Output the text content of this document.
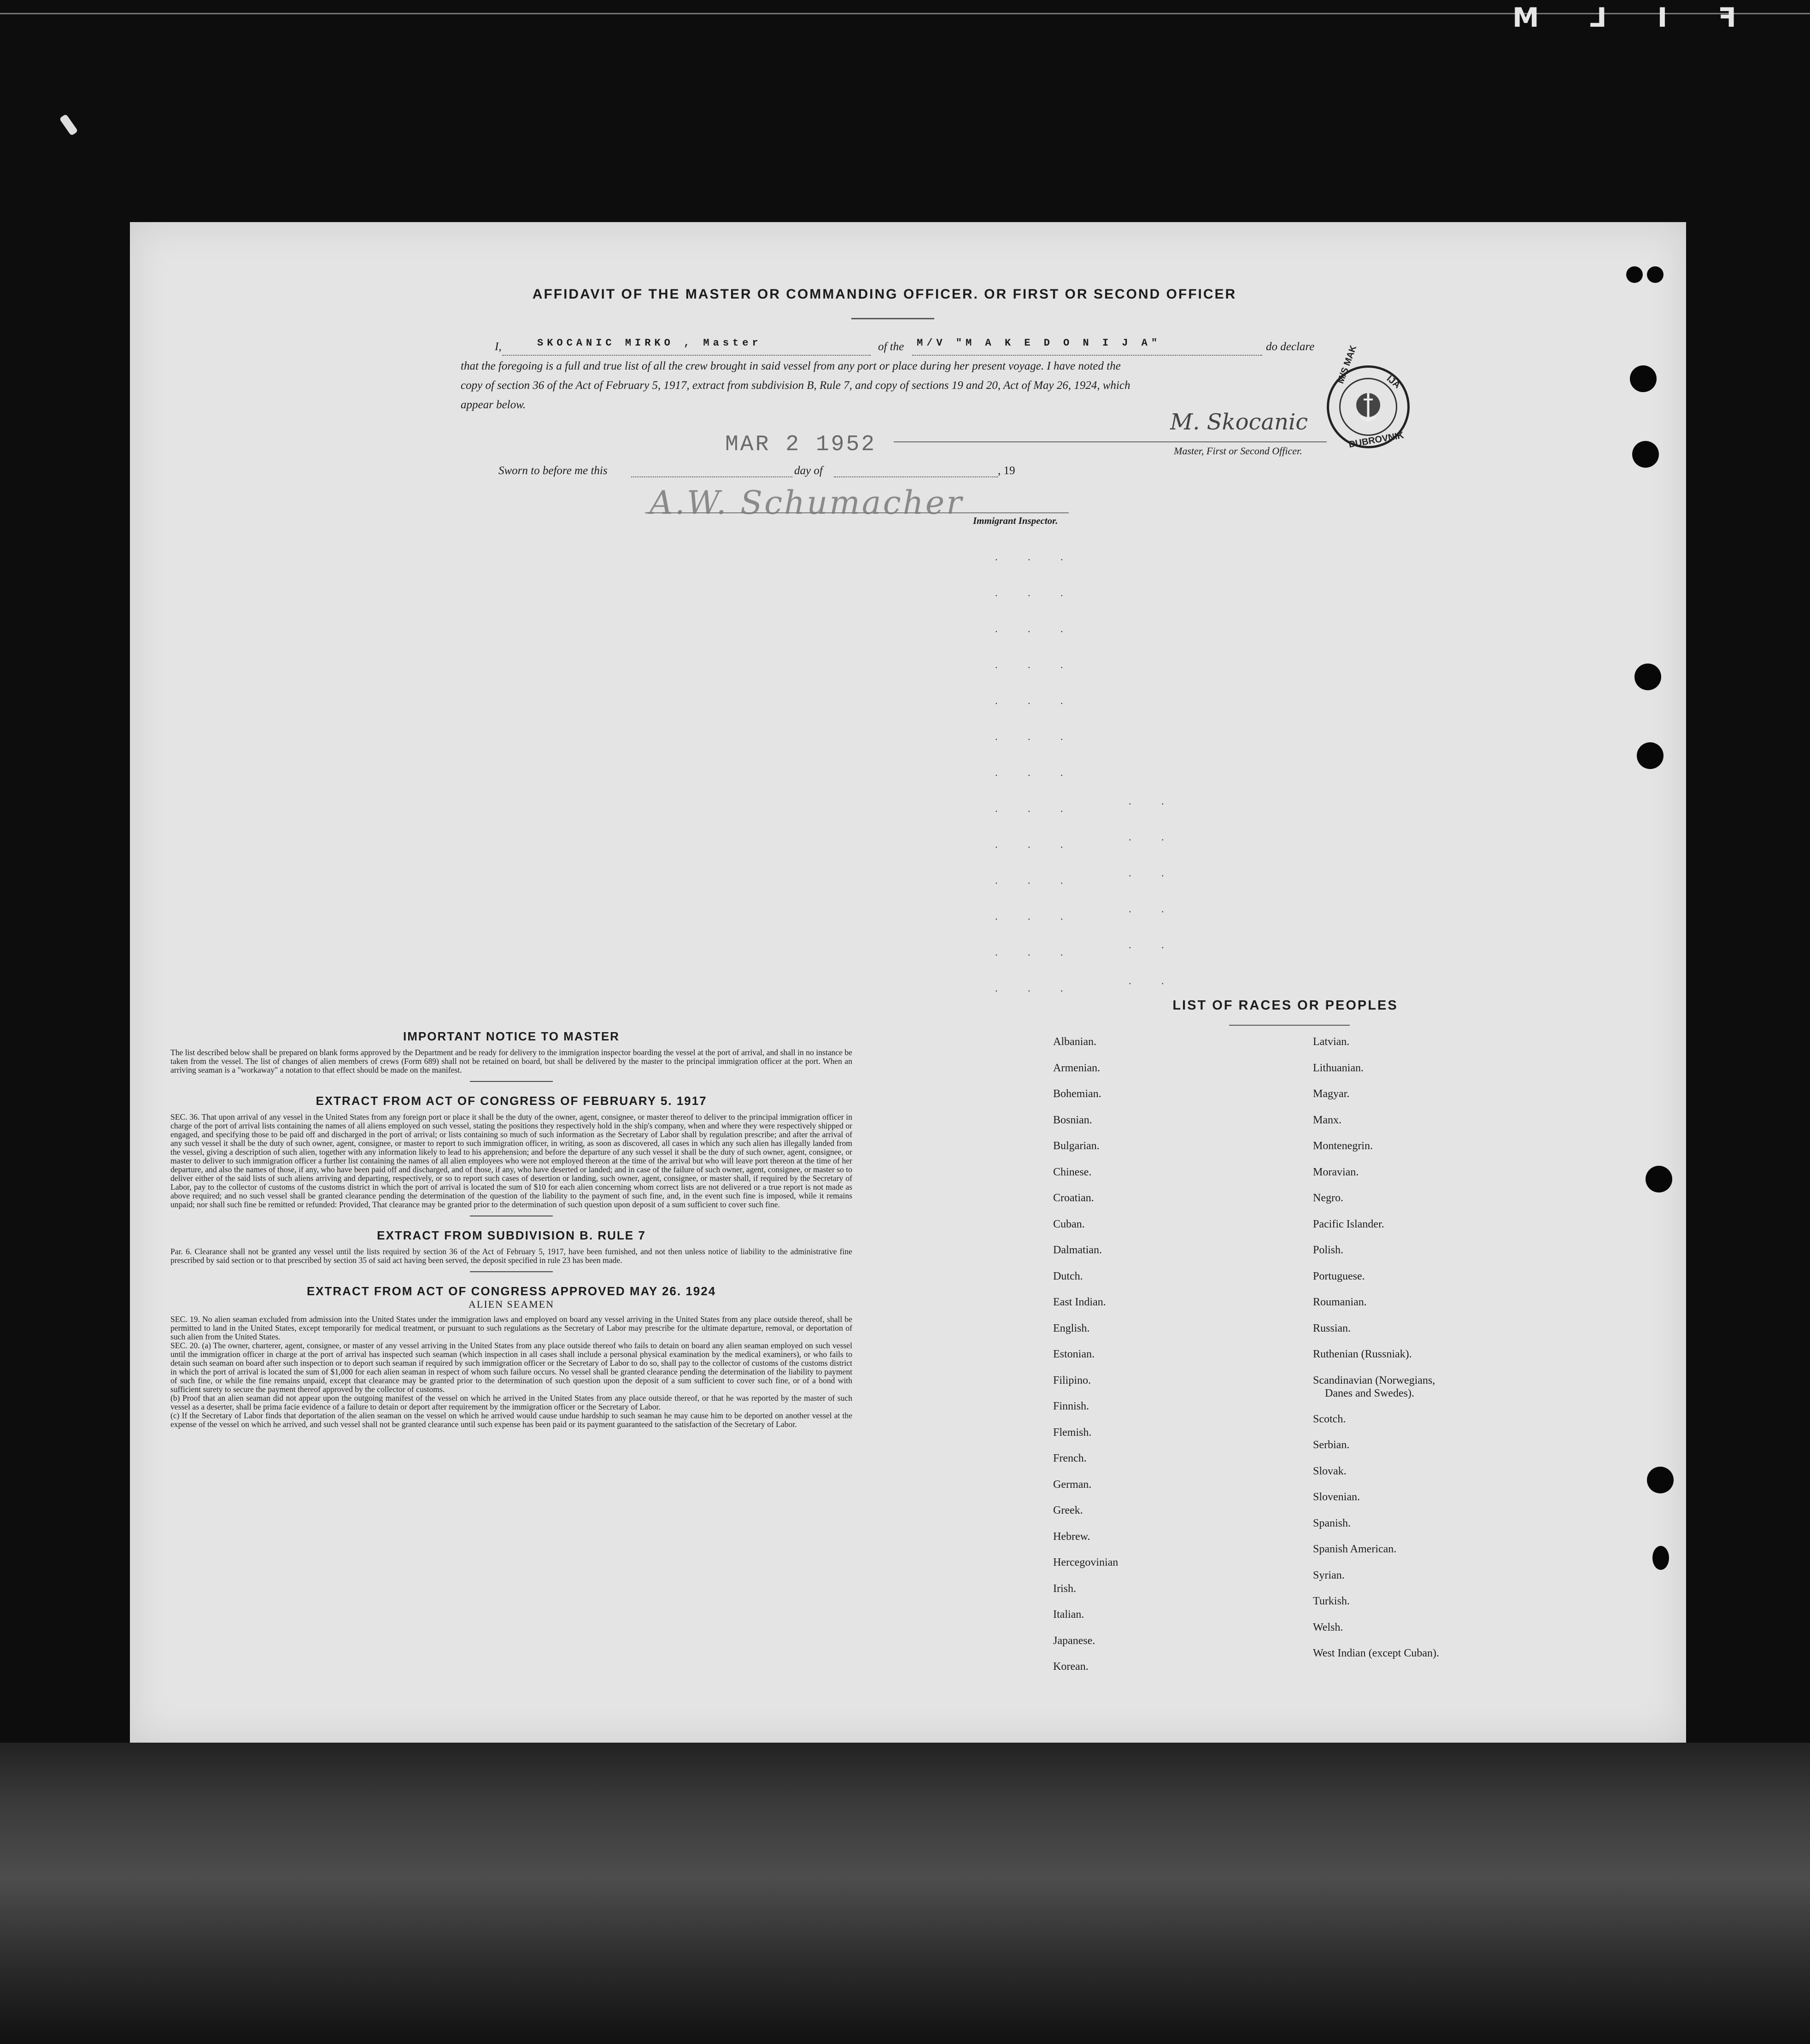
FILM
AFFIDAVIT OF THE MASTER OR COMMANDING OFFICER. OR FIRST OR SECOND OFFICER
I,	SKOCANIC MIRKO , Master	of the M/V "M A K E D O N I J A"	do declare
that the foregoing is a full and true list of all the crew brought in said vessel from any port or place during her present voyage. I have noted the
copy of section 36 of the Act of February 5, 1917, extract from subdivision B, Rule 7, and copy of sections 19 and 20, Act of May 26, 1924, which
appear below.
M/S MAK	IJA
DUBROVNIK
M. Skocanic
Master, First or Second Officer.
Sworn to before me this
MAR 2 1952
day of	, 19
A.W. Schumacher Immigrant Inspector.
. . .
. . .
. . .
. . .
. . .
. . .
. . .
. . .
. . .
. . .
. . .
. . .
. . .
. .
. .
. .
. .
. .
. .
IMPORTANT NOTICE TO MASTER

The list described below shall be prepared on blank forms approved by the Department and be ready for delivery to the immigration inspector boarding the vessel at the port of arrival, and shall in no instance be taken from the vessel. The list of changes of alien members of crews (Form 689) shall not be retained on board, but shall be delivered by the master to the principal immigration officer at the port. When an arriving seaman is a "workaway" a notation to that effect should be made on the manifest.

EXTRACT FROM ACT OF CONGRESS OF FEBRUARY 5. 1917

SEC. 36. That upon arrival of any vessel in the United States from any foreign port or place it shall be the duty of the owner, agent, consignee, or master thereof to deliver to the principal immigration officer in charge of the port of arrival lists containing the names of all aliens employed on such vessel, stating the positions they respectively hold in the ship's company, when and where they were respectively shipped or engaged, and specifying those to be paid off and discharged in the port of arrival; or lists containing so much of such information as the Secretary of Labor shall by regulation prescribe; and after the arrival of any such vessel it shall be the duty of such owner, agent, consignee, or master to report to such immigration officer, in writing, as soon as discovered, all cases in which any such alien has illegally landed from the vessel, giving a description of such alien, together with any information likely to lead to his apprehension; and before the departure of any such vessel it shall be the duty of such owner, agent, consignee, or master to deliver to such immigration officer a further list containing the names of all alien employees who were not employed thereon at the time of the arrival but who will leave port thereon at the time of her departure, and also the names of those, if any, who have been paid off and discharged, and of those, if any, who have deserted or landed; and in case of the failure of such owner, agent, consignee, or master so to deliver either of the said lists of such aliens arriving and departing, respectively, or so to report such cases of desertion or landing, such owner, agent, consignee, or master shall, if required by the Secretary of Labor, pay to the collector of customs of the customs district in which the port of arrival is located the sum of $10 for each alien concerning whom correct lists are not delivered or a true report is not made as above required; and no such vessel shall be granted clearance pending the determination of the question of the liability to the payment of such fine, and, in the event such fine is imposed, while it remains unpaid; nor shall such fine be remitted or refunded: Provided, That clearance may be granted prior to the determination of such question upon deposit of a sum sufficient to cover such fine.

EXTRACT FROM SUBDIVISION B. RULE 7

Par. 6. Clearance shall not be granted any vessel until the lists required by section 36 of the Act of February 5, 1917, have been furnished, and not then unless notice of liability to the administrative fine prescribed by said section or to that prescribed by section 35 of said act having been served, the deposit specified in rule 23 has been made.

EXTRACT FROM ACT OF CONGRESS APPROVED MAY 26. 1924
ALIEN SEAMEN

SEC. 19. No alien seaman excluded from admission into the United States under the immigration laws and employed on board any vessel arriving in the United States from any place outside thereof, shall be permitted to land in the United States, except temporarily for medical treatment, or pursuant to such regulations as the Secretary of Labor may prescribe for the ultimate departure, removal, or deportation of such alien from the United States.

SEC. 20. (a) The owner, charterer, agent, consignee, or master of any vessel arriving in the United States from any place outside thereof who fails to detain on board any alien seaman employed on such vessel until the immigration officer in charge at the port of arrival has inspected such seaman (which inspection in all cases shall include a personal physical examination by the medical examiners), or who fails to detain such seaman on board after such inspection or to deport such seaman if required by such immigration officer or the Secretary of Labor to do so, shall pay to the collector of customs of the customs district in which the port of arrival is located the sum of $1,000 for each alien seaman in respect of whom such failure occurs. No vessel shall be granted clearance pending the determination of the liability to payment of such fine, or while the fine remains unpaid, except that clearance may be granted prior to the determination of such question upon the deposit of a sum sufficient to cover such fine, or of a bond with sufficient surety to secure the payment thereof approved by the collector of customs.

(b) Proof that an alien seaman did not appear upon the outgoing manifest of the vessel on which he arrived in the United States from any place outside thereof, or that he was reported by the master of such vessel as a deserter, shall be prima facie evidence of a failure to detain or deport after requirement by the immigration officer or the Secretary of Labor.

(c) If the Secretary of Labor finds that deportation of the alien seaman on the vessel on which he arrived would cause undue hardship to such seaman he may cause him to be deported on another vessel at the expense of the vessel on which he arrived, and such vessel shall not be granted clearance until such expense has been paid or its payment guaranteed to the satisfaction of the Secretary of Labor.

LIST OF RACES OR PEOPLES
Albanian.
Armenian.
Bohemian.
Bosnian.
Bulgarian.
Chinese.
Croatian.
Cuban.
Dalmatian.
Dutch.
East Indian.
English.
Estonian.
Filipino.
Finnish.
Flemish.
French.
German.
Greek.
Hebrew.
Hercegovinian
Irish.
Italian.
Japanese.
Korean.
Latvian.
Lithuanian.
Magyar.
Manx.
Montenegrin.
Moravian.
Negro.
Pacific Islander.
Polish.
Portuguese.
Roumanian.
Russian.
Ruthenian (Russniak).
Scandinavian (Norwegians,
Danes and Swedes).
Scotch.
Serbian.
Slovak.
Slovenian.
Spanish.
Spanish American.
Syrian.
Turkish.
Welsh.
West Indian (except Cuban).
